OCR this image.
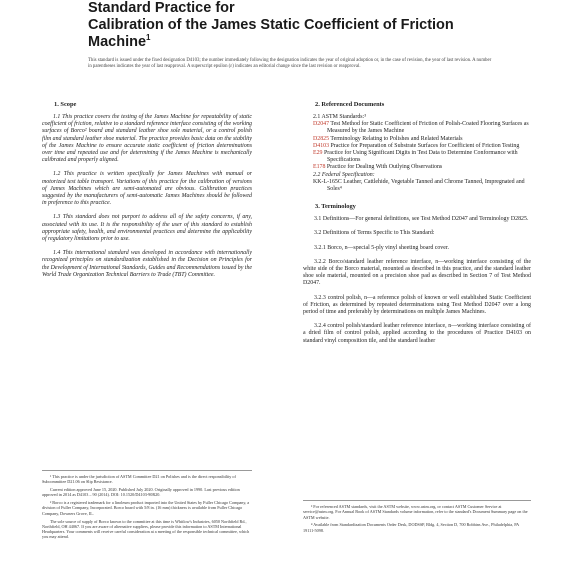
Standard Practice for
Calibration of the James Static Coefficient of Friction
Machine$^1$
This standard is issued under the fixed designation D4103; the number immediately following the designation indicates the year of original adoption or, in the case of revision, the year of last revision. A number in parentheses indicates the year of last reapproval. A superscript epsilon (ε) indicates an editorial change since the last revision or reapproval.
1. Scope

1.1 This practice covers the testing of the James Machine for repeatability of static coefficient of friction, relative to a standard reference interface consisting of the working surfaces of Borco² board and standard leather shoe sole material, or a control polish film and standard leather shoe material. The practice provides basic data on the stability of the James Machine to ensure accurate static coefficient of friction determinations over time and repeated use and for determining if the James Machine is mechanically calibrated and properly aligned.

1.2 This practice is written specifically for James Machines with manual or motorized test table transport. Variations of this practice for the calibration of versions of James Machines which are semi-automated are obvious. Calibration practices suggested by the manufacturers of semi-automatic James Machines should be followed in preference to this practice.

1.3 This standard does not purport to address all of the safety concerns, if any, associated with its use. It is the responsibility of the user of this standard to establish appropriate safety, health, and environmental practices and determine the applicability of regulatory limitations prior to use.

1.4 This international standard was developed in accordance with internationally recognized principles on standardization established in the Decision on Principles for the Development of International Standards, Guides and Recommendations issued by the World Trade Organization Technical Barriers to Trade (TBT) Committee.

¹ This practice is under the jurisdiction of ASTM Committee D21 on Polishes and is the direct responsibility of Subcommittee D21.06 on Slip Resistance.

Current edition approved June 15, 2020. Published July 2020. Originally approved in 1990. Last previous edition approved in 2014 as D4103 – 90 (2014). DOI: 10.1520/D4103-90R20.

² Borco is a registered trademark for a linoleum product imported into the United States by Fuller Chicago Company, a division of Fuller Company, Incorporated. Borco board with 5/8 in. (16 mm) thickness is available from Fuller Chicago Company, Downers Grove, IL.

The sole source of supply of Borco known to the committee at this time is Whitlow's Industries, 6050 Northfield Rd., Northfield, OH 44067. If you are aware of alternative suppliers, please provide this information to ASTM International Headquarters. Your comments will receive careful consideration at a meeting of the responsible technical committee, which you may attend.

2. Referenced Documents

2.1 ASTM Standards:³

D2047 Test Method for Static Coefficient of Friction of Polish-Coated Flooring Surfaces as Measured by the James Machine

D2825 Terminology Relating to Polishes and Related Materials

D4103 Practice for Preparation of Substrate Surfaces for Coefficient of Friction Testing

E29 Practice for Using Significant Digits in Test Data to Determine Conformance with Specifications

E178 Practice for Dealing With Outlying Observations

2.2 Federal Specification:

KK-L-165C Leather, Cattlehide, Vegetable Tanned and Chrome Tanned, Impregnated and Soles⁴

3. Terminology

3.1 Definitions—For general definitions, see Test Method D2047 and Terminology D2825.

3.2 Definitions of Terms Specific to This Standard:

3.2.1 Borco, n—special 5-ply vinyl sheeting board cover.

3.2.2 Borco/standard leather reference interface, n—working interface consisting of the white side of the Borco material, mounted as described in this practice, and the standard leather shoe sole material, mounted on a precision shoe pad as described in Section 7 of Test Method D2047.

3.2.3 control polish, n—a reference polish of known or well established Static Coefficient of Friction, as determined by repeated determinations using Test Method D2047 over a long period of time and preferably by determinations on multiple James Machines.

3.2.4 control polish/standard leather reference interface, n—working interface consisting of a dried film of control polish, applied according to the procedures of Practice D4103 on standard vinyl composition tile, and the standard leather

³ For referenced ASTM standards, visit the ASTM website, www.astm.org, or contact ASTM Customer Service at service@astm.org. For Annual Book of ASTM Standards volume information, refer to the standard's Document Summary page on the ASTM website.

⁴ Available from Standardization Documents Order Desk, DODSSP, Bldg. 4, Section D, 700 Robbins Ave., Philadelphia, PA 19111-5098.
